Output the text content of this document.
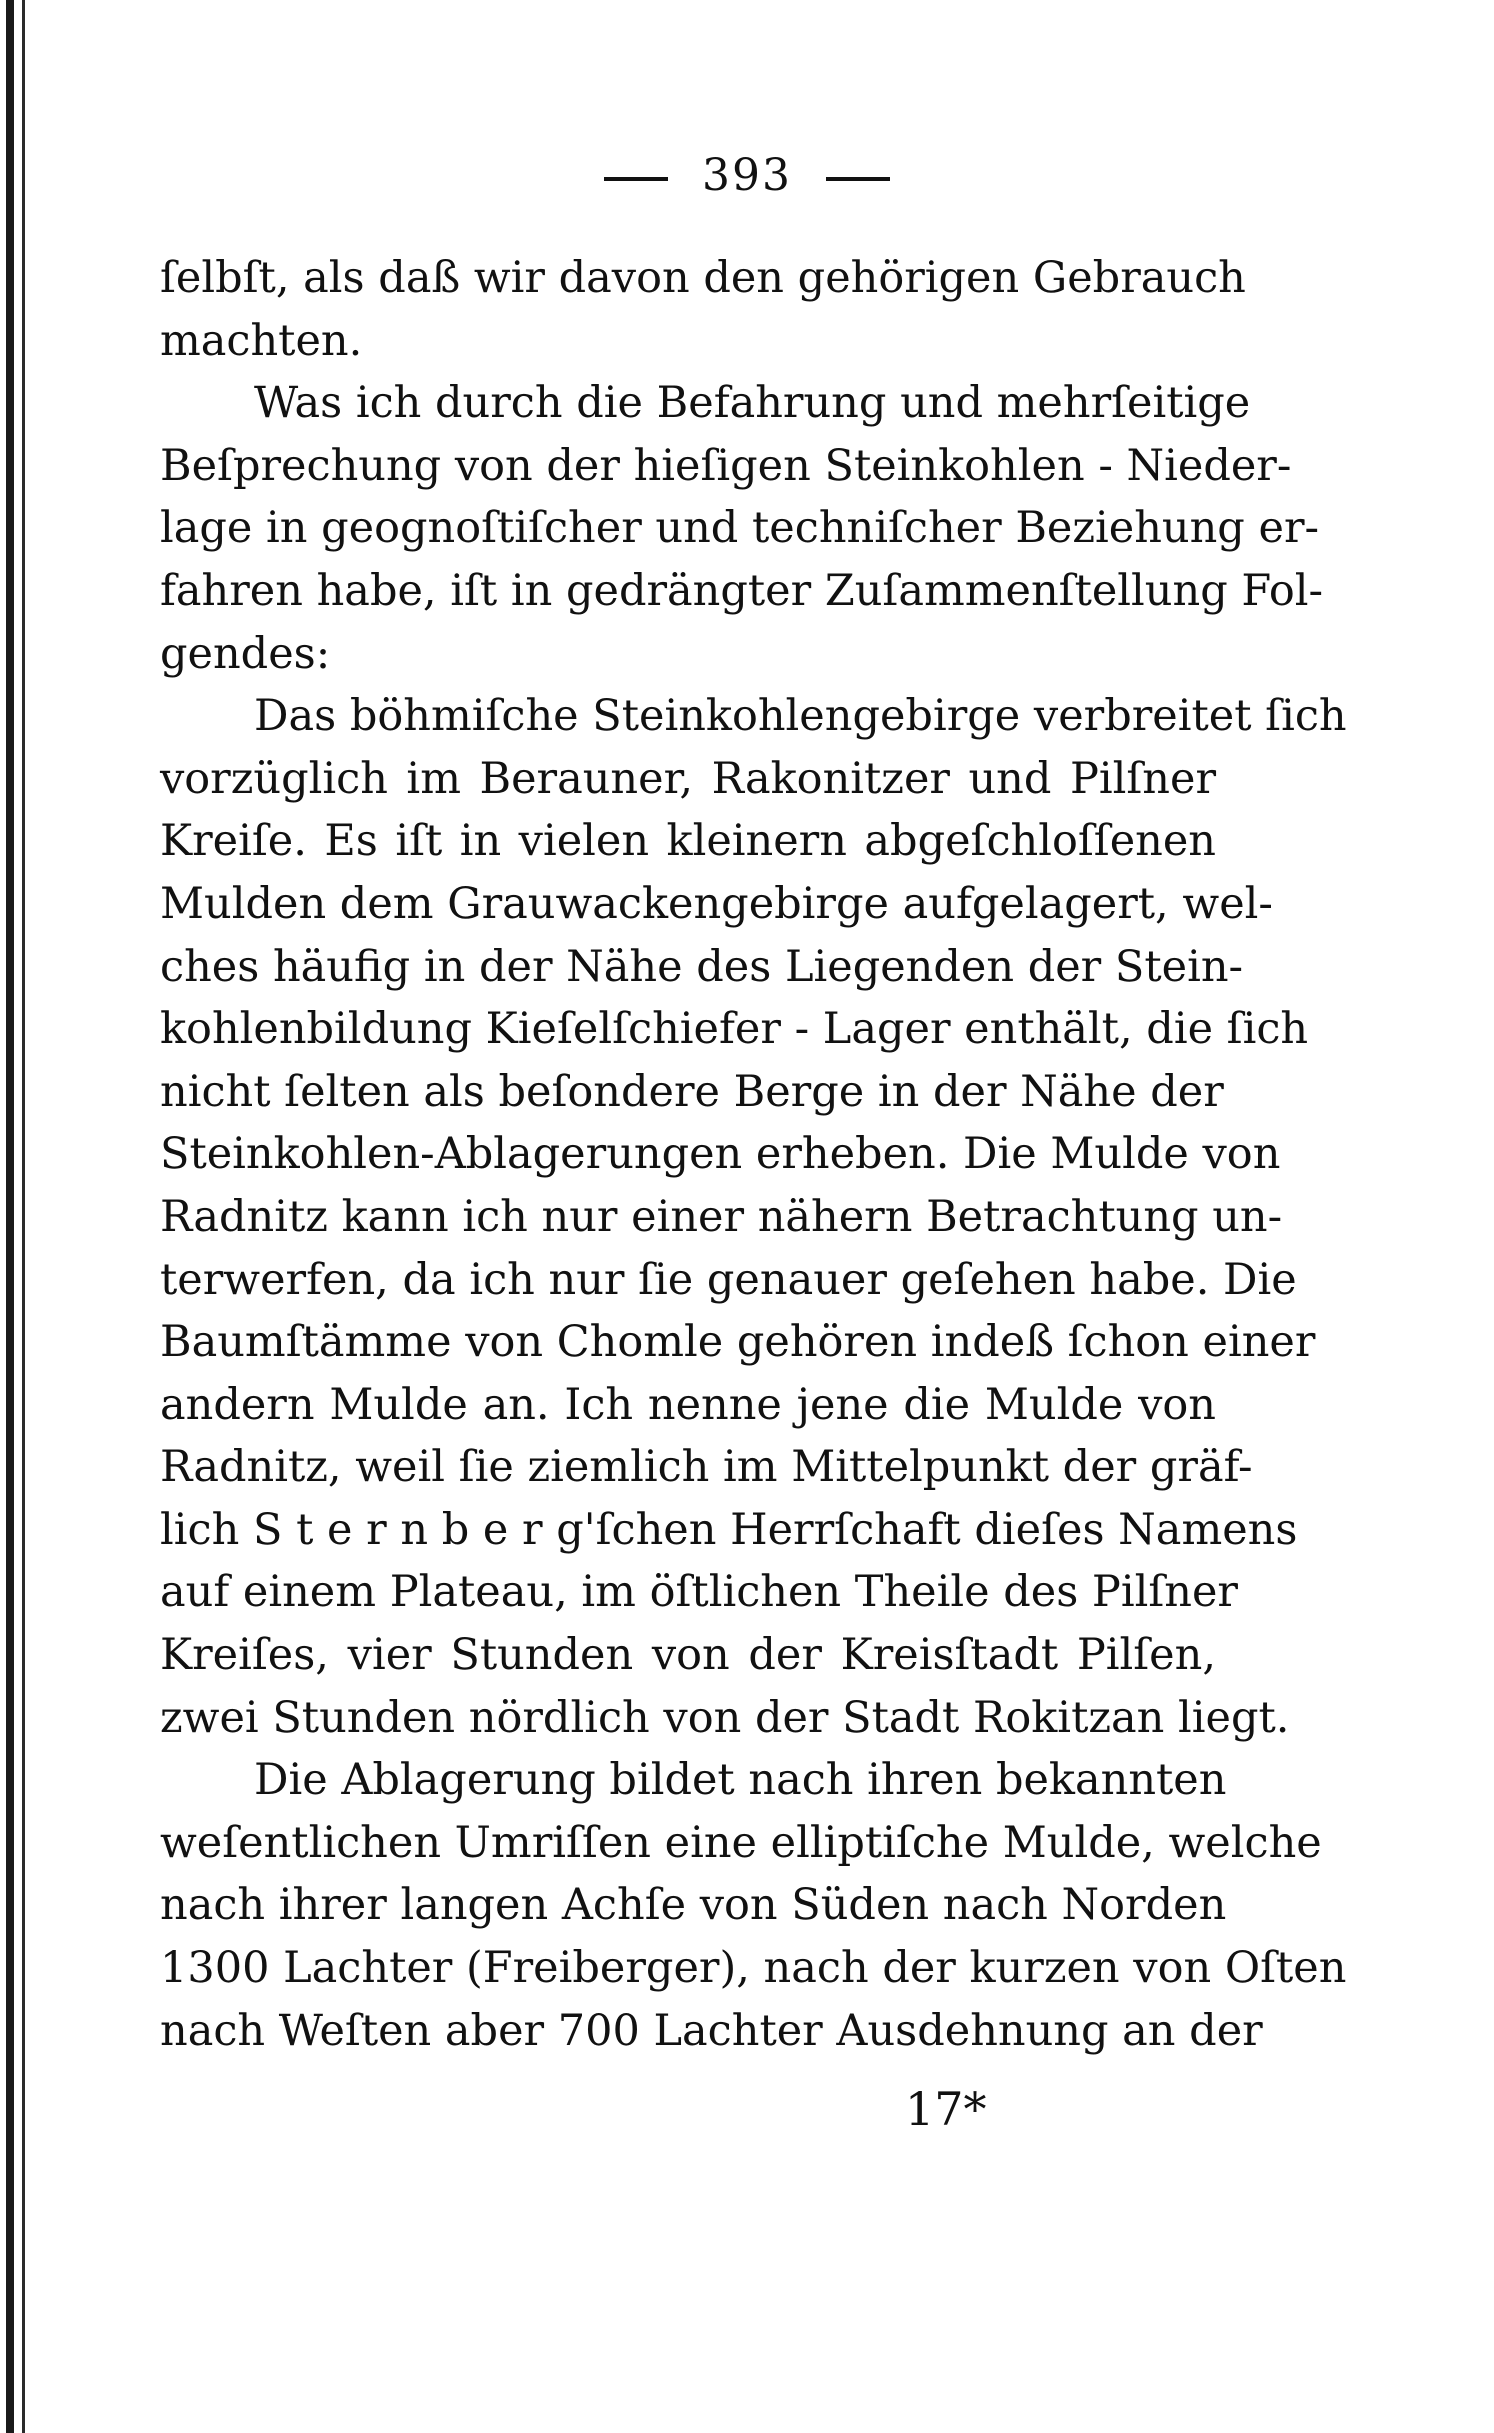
393
ſelbſt, als daß wir davon den gehörigen Gebrauch
machten.
Was ich durch die Befahrung und mehrſeitige
Beſprechung von der hieſigen Steinkohlen - Nieder-
lage in geognoſtiſcher und techniſcher Beziehung er-
fahren habe, iſt in gedrängter Zuſammenſtellung Fol-
gendes:
Das böhmiſche Steinkohlengebirge verbreitet ſich
vorzüglich im Berauner, Rakonitzer und Pilſner
Kreiſe. Es iſt in vielen kleinern abgeſchloſſenen
Mulden dem Grauwackengebirge aufgelagert, wel-
ches häufig in der Nähe des Liegenden der Stein-
kohlenbildung Kieſelſchiefer - Lager enthält, die ſich
nicht ſelten als beſondere Berge in der Nähe der
Steinkohlen-Ablagerungen erheben. Die Mulde von
Radnitz kann ich nur einer nähern Betrachtung un-
terwerfen, da ich nur ſie genauer geſehen habe. Die
Baumſtämme von Chomle gehören indeß ſchon einer
andern Mulde an. Ich nenne jene die Mulde von
Radnitz, weil ſie ziemlich im Mittelpunkt der gräf-
lich S t e r n b e r g'ſchen Herrſchaft dieſes Namens
auf einem Plateau, im öſtlichen Theile des Pilſner
Kreiſes, vier Stunden von der Kreisſtadt Pilſen,
zwei Stunden nördlich von der Stadt Rokitzan liegt.
Die Ablagerung bildet nach ihren bekannten
weſentlichen Umriſſen eine elliptiſche Mulde, welche
nach ihrer langen Achſe von Süden nach Norden
1300 Lachter (Freiberger), nach der kurzen von Oſten
nach Weſten aber 700 Lachter Ausdehnung an der
17*
